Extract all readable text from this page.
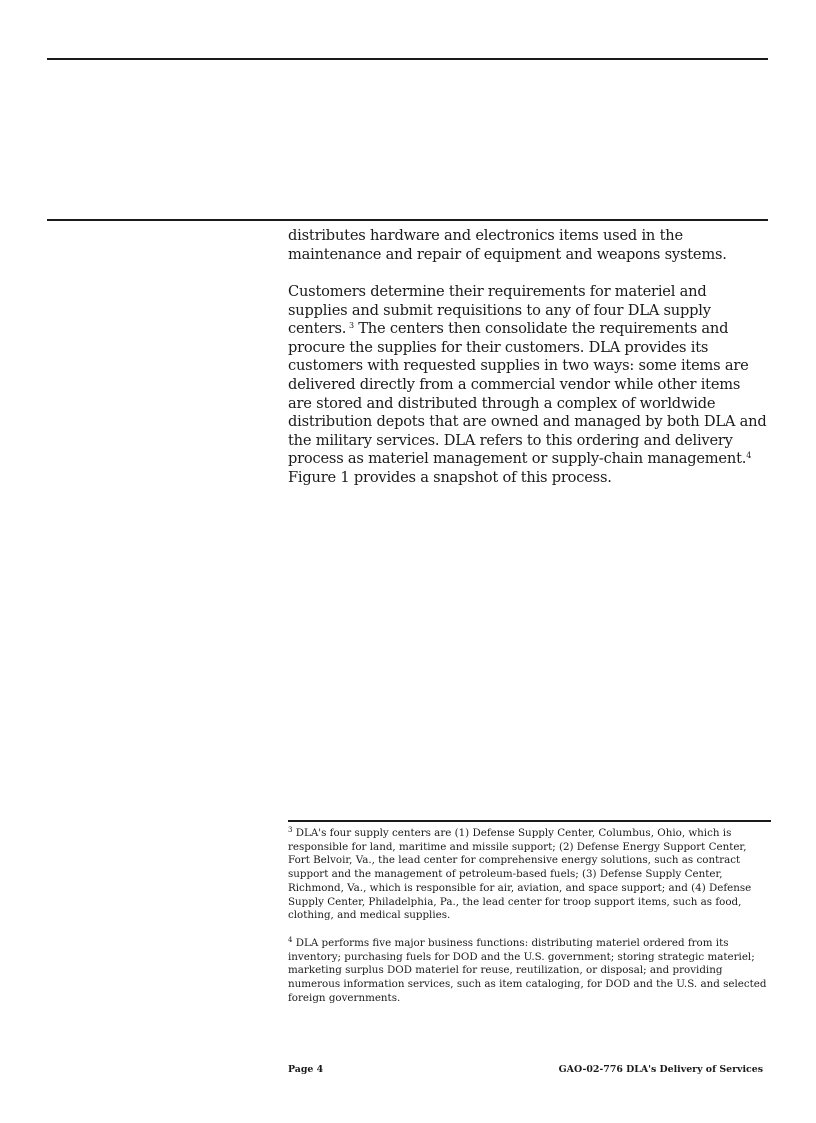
distributes hardware and electronics items used in the maintenance and repair of equipment and weapons systems.

Customers determine their requirements for materiel and supplies and submit requisitions to any of four DLA supply centers.  $^3$ The centers then consolidate the requirements and procure the supplies for their customers. DLA provides its customers with requested supplies in two ways: some items are delivered directly from a commercial vendor while other items are stored and distributed through a complex of worldwide distribution depots that are owned and managed by both DLA and the military services. DLA refers to this ordering and delivery process as materiel management or supply-chain management.$^4$ Figure 1 provides a snapshot of this process.

$^3$ DLA's four supply centers are (1) Defense Supply Center, Columbus, Ohio, which is responsible for land, maritime and missile support; (2) Defense Energy Support Center, Fort Belvoir, Va., the lead center for comprehensive energy solutions, such as contract support and the management of petroleum-based fuels; (3) Defense Supply Center, Richmond, Va., which is responsible for air, aviation, and space support; and (4) Defense Supply Center, Philadelphia, Pa., the lead center for troop support items, such as food, clothing, and medical supplies.

$^4$ DLA performs five major business functions: distributing materiel ordered from its inventory; purchasing fuels for DOD and the U.S. government; storing strategic materiel; marketing surplus DOD materiel for reuse, reutilization, or disposal; and providing numerous information services, such as item cataloging, for DOD and the U.S. and selected foreign governments.

Page 4	GAO-02-776 DLA's Delivery of Services
